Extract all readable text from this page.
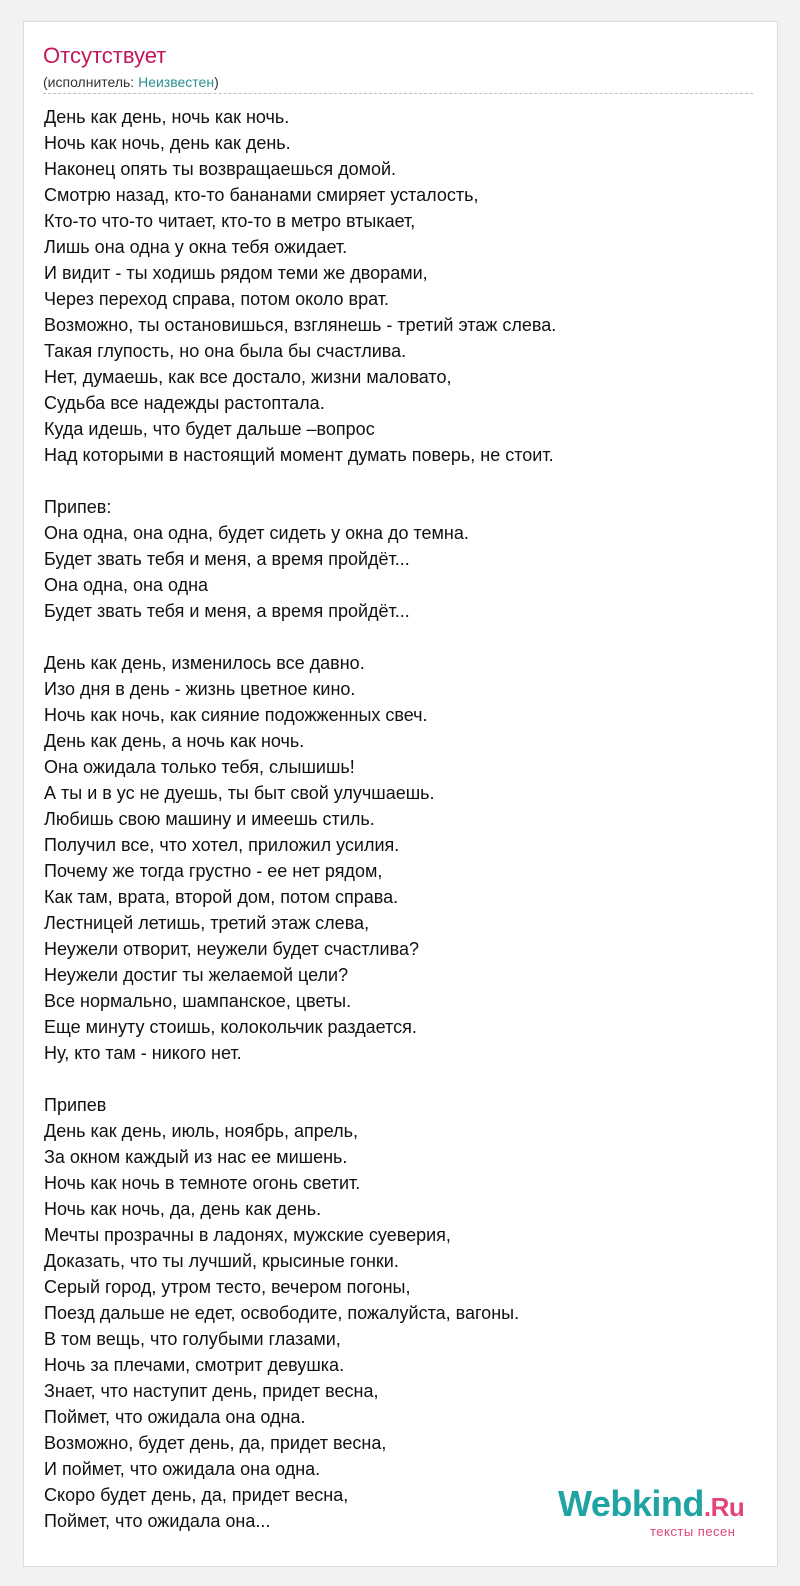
Отсутствует
(исполнитель: Неизвестен)
День как день, ночь как ночь.
Ночь как ночь, день как день.
Наконец опять ты возвращаешься домой.
Смотрю назад, кто-то бананами смиряет усталость,
Кто-то что-то читает, кто-то в метро втыкает,
Лишь она одна у окна тебя ожидает.
И видит - ты ходишь рядом теми же дворами,
Через переход справа, потом около врат.
Возможно, ты остановишься, взглянешь - третий этаж слева.
Такая глупость, но она была бы счастлива.
Нет, думаешь, как все достало, жизни маловато,
Судьба все надежды растоптала.
Куда идешь, что будет дальше –вопрос
Над которыми в настоящий момент думать поверь, не стоит.

Припев:
Она одна, она одна, будет сидеть у окна до темна.
Будет звать тебя и меня, а время пройдёт...
Она одна, она одна
Будет звать тебя и меня, а время пройдёт...

День как день, изменилось все давно.
Изо дня в день - жизнь цветное кино.
Ночь как ночь, как сияние подожженных свеч.
День как день, а ночь как ночь.
Она ожидала только тебя, слышишь!
А ты и в ус не дуешь, ты быт свой улучшаешь.
Любишь свою машину и имеешь стиль.
Получил все, что хотел, приложил усилия.
Почему же тогда грустно - ее нет рядом,
Как там, врата, второй дом, потом справа.
Лестницей летишь, третий этаж слева,
Неужели отворит, неужели будет счастлива?
Неужели достиг ты желаемой цели?
Все нормально, шампанское, цветы.
Еще минуту стоишь, колокольчик раздается.
Ну, кто там - никого нет.

Припев
День как день, июль, ноябрь, апрель,
За окном каждый из нас ее мишень.
Ночь как ночь в темноте огонь светит.
Ночь как ночь, да, день как день.
Мечты прозрачны в ладонях, мужские суеверия,
Доказать, что ты лучший, крысиные гонки.
Серый город, утром тесто, вечером погоны,
Поезд дальше не едет, освободите, пожалуйста, вагоны.
В том вещь, что голубыми глазами,
Ночь за плечами, смотрит девушка.
Знает, что наступит день, придет весна,
Поймет, что ожидала она одна.
Возможно, будет день, да, придет весна,
И поймет, что ожидала она одна.
Скоро будет день, да, придет весна,
Поймет, что ожидала она...	Webkind.Ru
тексты песен
